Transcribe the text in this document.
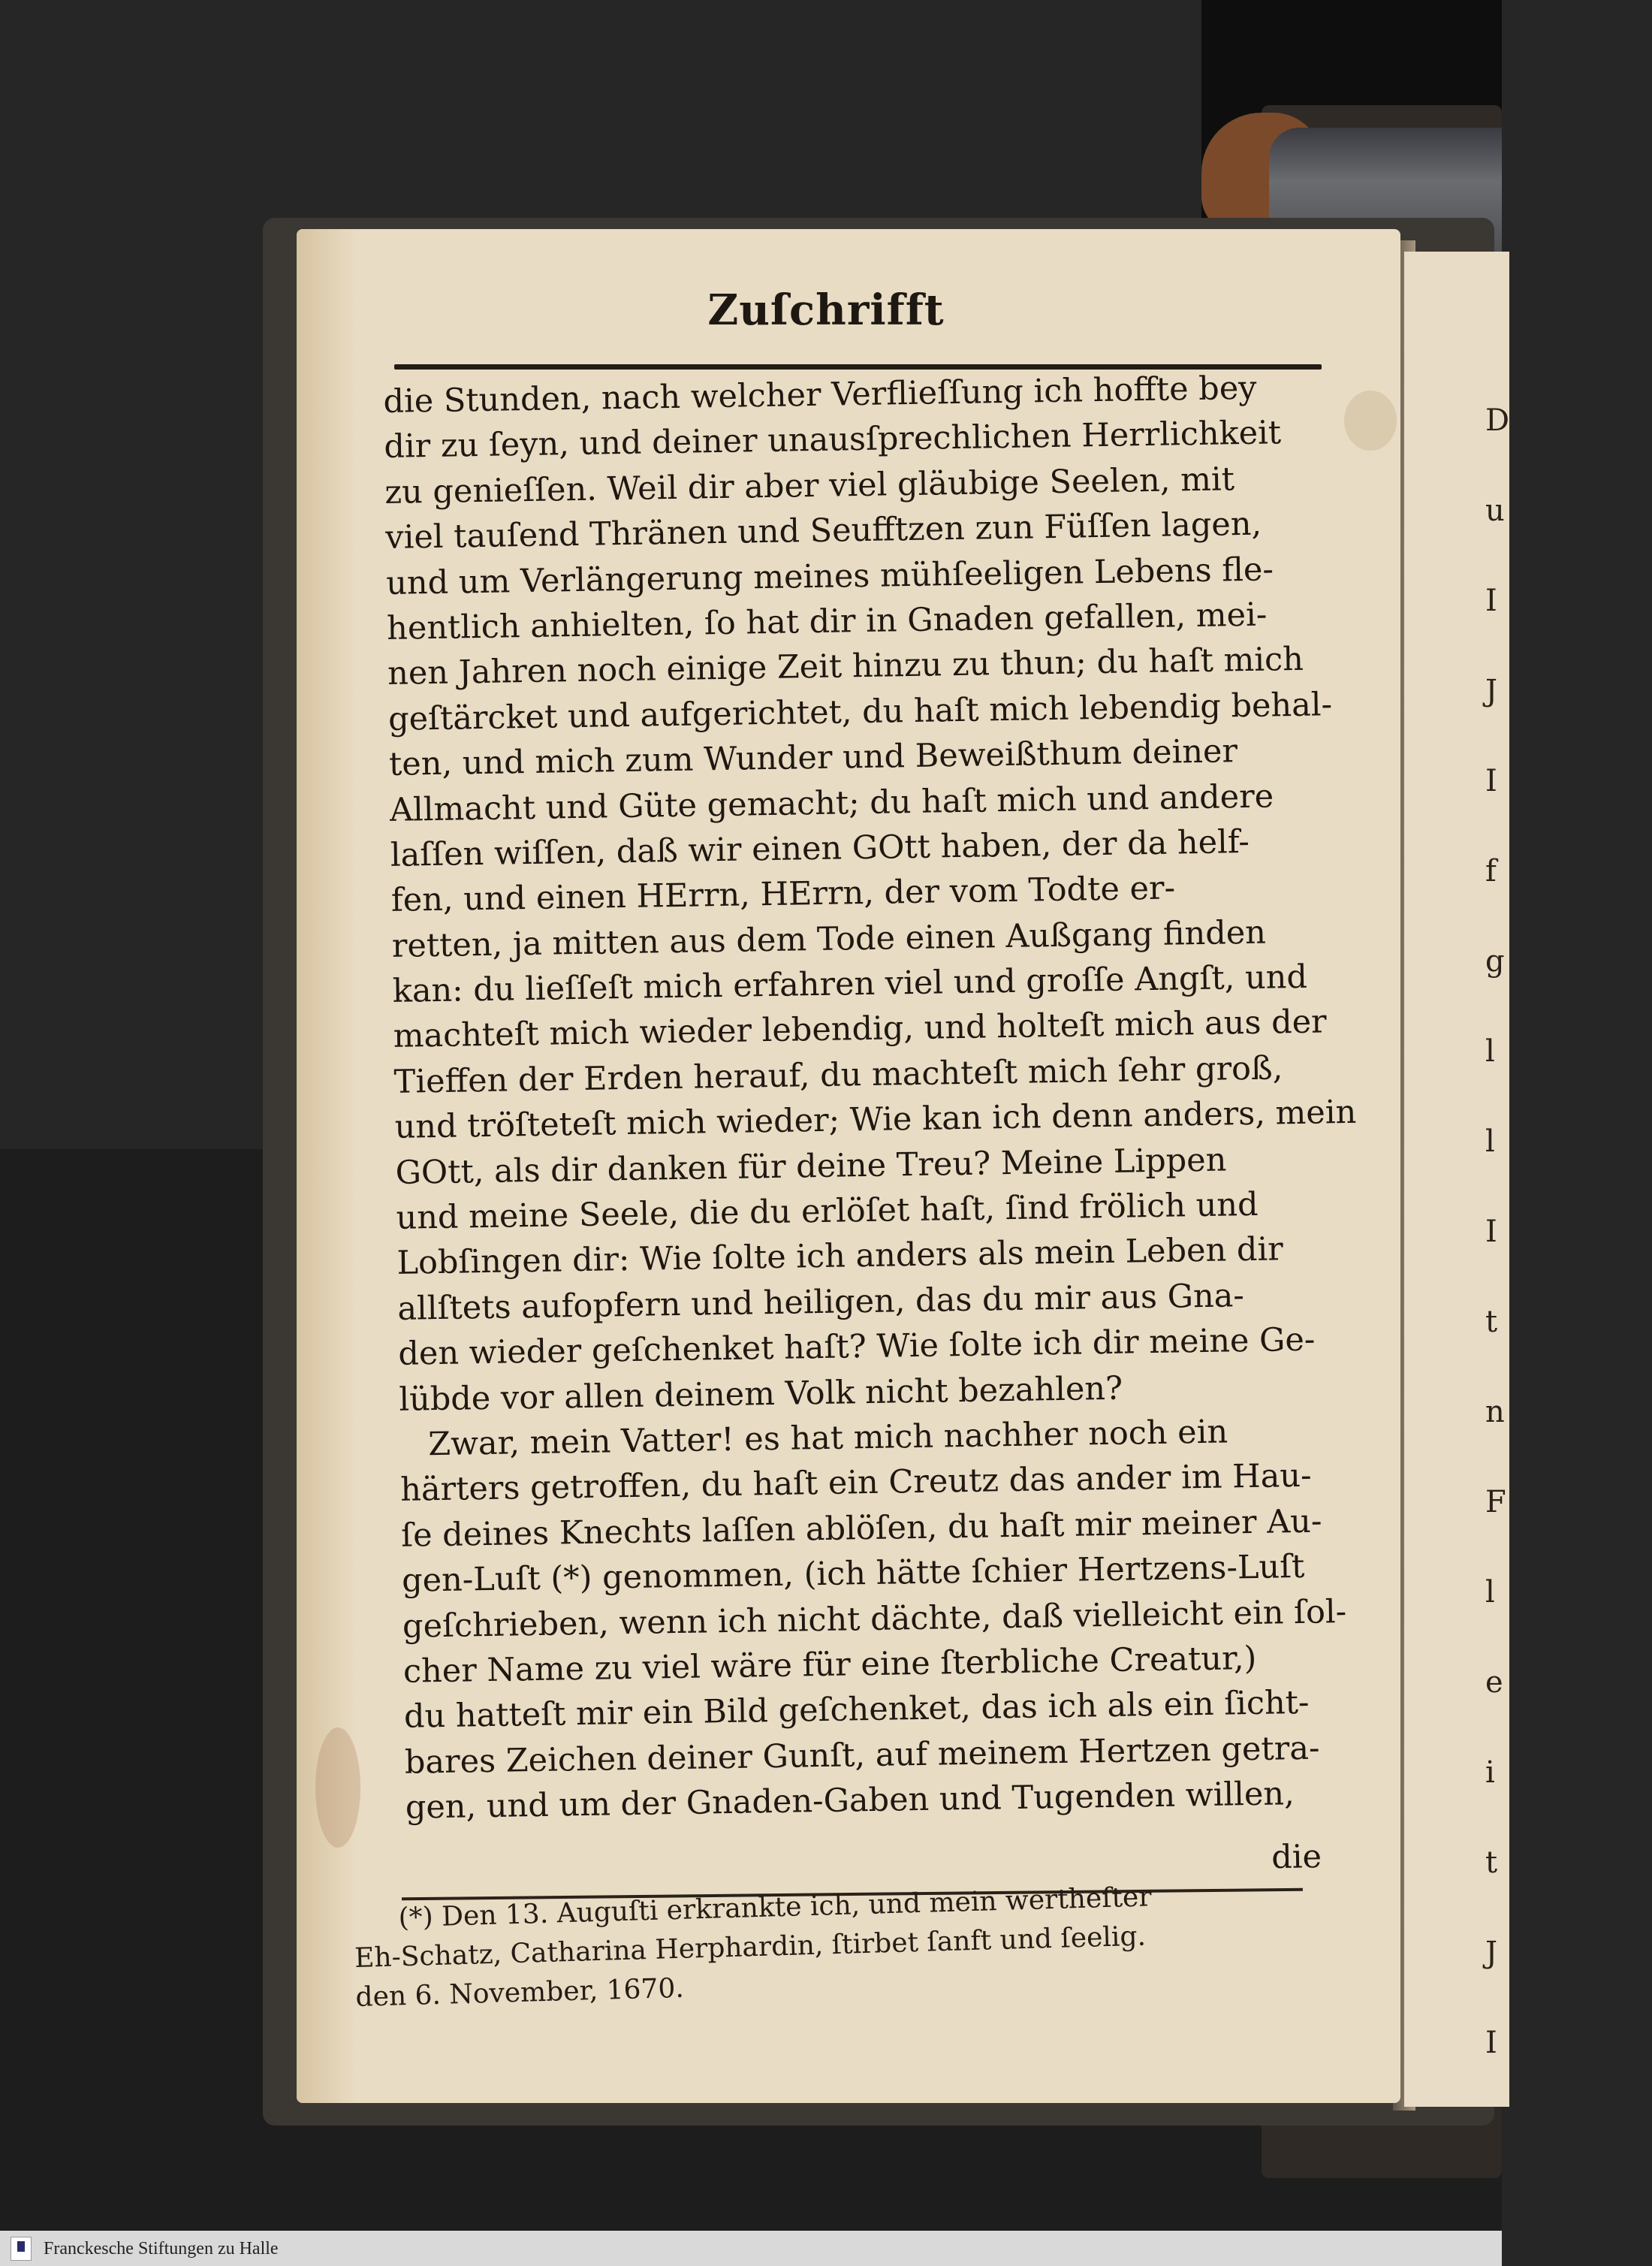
D u I J I f g l l I t n F l e i t J I
Zuſchrifft
die Stunden, nach welcher Verflieſſung ich hoffte bey
dir zu ſeyn, und deiner unausſprechlichen Herrlichkeit
zu genieſſen. Weil dir aber viel gläubige Seelen, mit
viel tauſend Thränen und Seufftzen zun Füſſen lagen,
und um Verlängerung meines mühſeeligen Lebens fle-
hentlich anhielten, ſo hat dir in Gnaden gefallen, mei-
nen Jahren noch einige Zeit hinzu zu thun; du haſt mich
geſtärcket und aufgerichtet, du haſt mich lebendig behal-
ten, und mich zum Wunder und Beweißthum deiner
Allmacht und Güte gemacht; du haſt mich und andere
laſſen wiſſen, daß wir einen GOtt haben, der da helf-
fen, und einen HErrn, HErrn, der vom Todte er-
retten, ja mitten aus dem Tode einen Außgang finden
kan: du lieſſeſt mich erfahren viel und groſſe Angſt, und
machteſt mich wieder lebendig, und holteſt mich aus der
Tieffen der Erden herauf, du machteſt mich ſehr groß,
und tröſteteſt mich wieder; Wie kan ich denn anders, mein
GOtt, als dir danken für deine Treu? Meine Lippen
und meine Seele, die du erlöſet haſt, ſind frölich und
Lobſingen dir: Wie ſolte ich anders als mein Leben dir
allſtets aufopfern und heiligen, das du mir aus Gna-
den wieder geſchenket haſt? Wie ſolte ich dir meine Ge-
lübde vor allen deinem Volk nicht bezahlen?
Zwar, mein Vatter! es hat mich nachher noch ein
härters getroffen, du haſt ein Creutz das ander im Hau-
ſe deines Knechts laſſen ablöſen, du haſt mir meiner Au-
gen-Luſt (*) genommen, (ich hätte ſchier Hertzens-Luſt
geſchrieben, wenn ich nicht dächte, daß vielleicht ein ſol-
cher Name zu viel wäre für eine ſterbliche Creatur,)
du hatteſt mir ein Bild geſchenket, das ich als ein ſicht-
bares Zeichen deiner Gunſt, auf meinem Hertzen getra-
gen, und um der Gnaden-Gaben und Tugenden willen,
die
(*) Den 13. Auguſti erkrankte ich, und mein wertheſter
Eh-Schatz, Catharina Herphardin, ſtirbet ſanft und ſeelig.
den 6. November, 1670.
Franckesche Stiftungen zu Halle
